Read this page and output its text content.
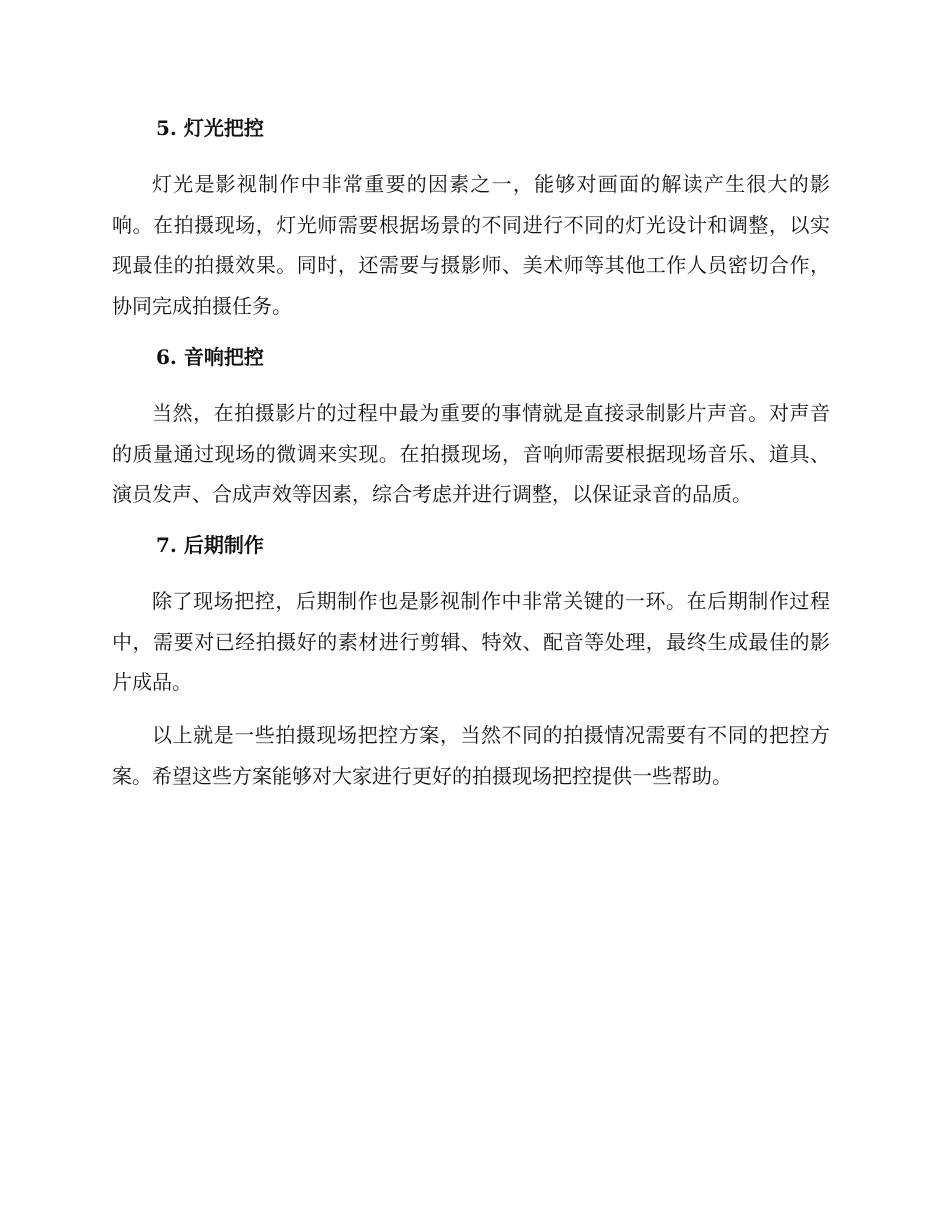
5. 灯光把控

灯光是影视制作中非常重要的因素之一，能够对画面的解读产生很大的影响。在拍摄现场，灯光师需要根据场景的不同进行不同的灯光设计和调整，以实现最佳的拍摄效果。同时，还需要与摄影师、美术师等其他工作人员密切合作，协同完成拍摄任务。

6. 音响把控

当然，在拍摄影片的过程中最为重要的事情就是直接录制影片声音。对声音的质量通过现场的微调来实现。在拍摄现场，音响师需要根据现场音乐、道具、演员发声、合成声效等因素，综合考虑并进行调整，以保证录音的品质。

7. 后期制作

除了现场把控，后期制作也是影视制作中非常关键的一环。在后期制作过程中，需要对已经拍摄好的素材进行剪辑、特效、配音等处理，最终生成最佳的影片成品。

以上就是一些拍摄现场把控方案，当然不同的拍摄情况需要有不同的把控方案。希望这些方案能够对大家进行更好的拍摄现场把控提供一些帮助。
